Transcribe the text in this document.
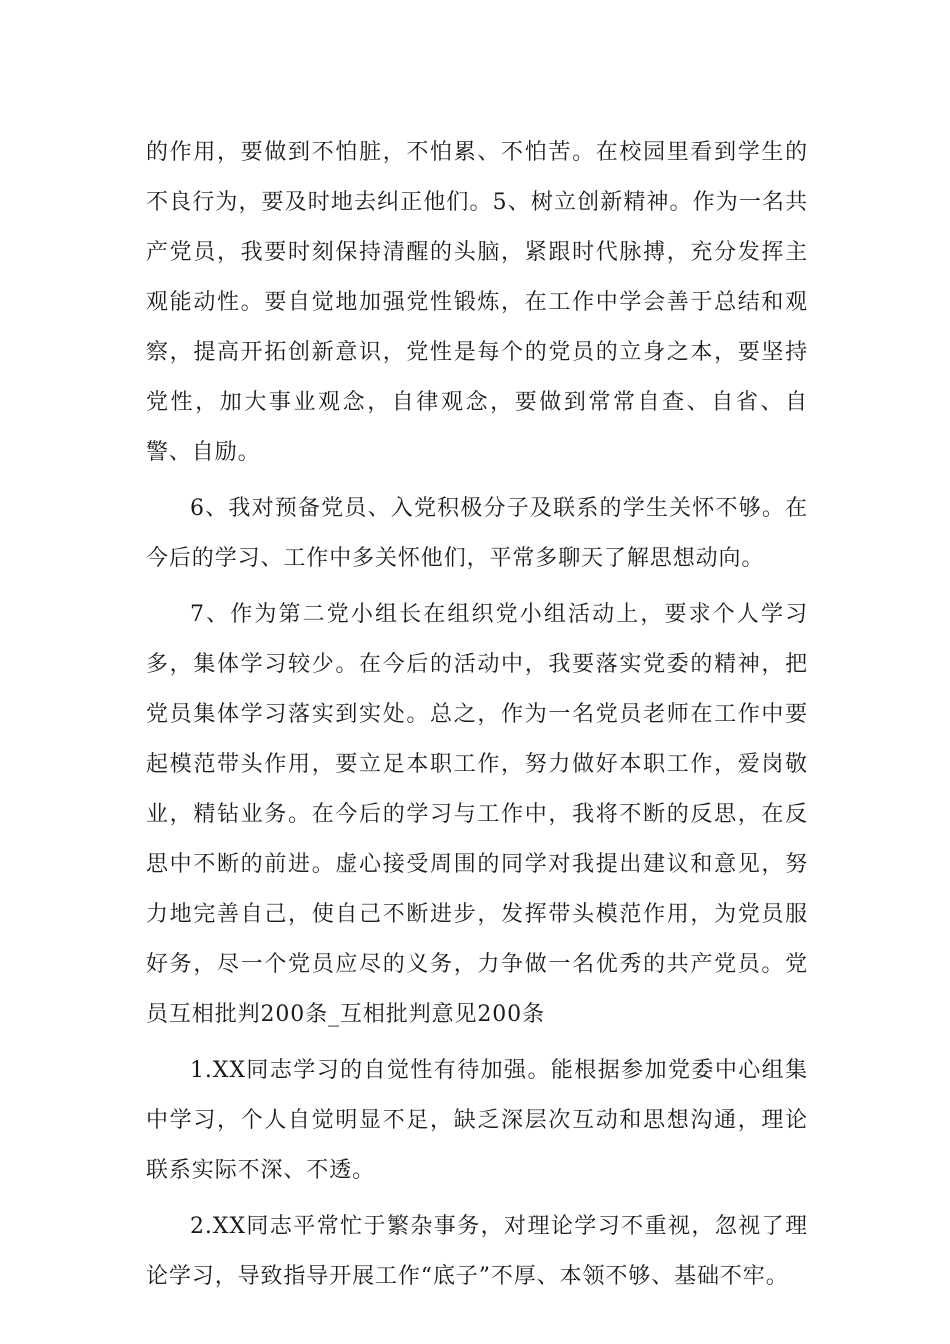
的作用，要做到不怕脏，不怕累、不怕苦。在校园里看到学生的不良行为，要及时地去纠正他们。5、树立创新精神。作为一名共产党员，我要时刻保持清醒的头脑，紧跟时代脉搏，充分发挥主观能动性。要自觉地加强党性锻炼，在工作中学会善于总结和观察，提高开拓创新意识，党性是每个的党员的立身之本，要坚持党性，加大事业观念，自律观念，要做到常常自查、自省、自警、自励。

6、我对预备党员、入党积极分子及联系的学生关怀不够。在今后的学习、工作中多关怀他们，平常多聊天了解思想动向。

7、作为第二党小组长在组织党小组活动上，要求个人学习多，集体学习较少。在今后的活动中，我要落实党委的精神，把党员集体学习落实到实处。总之，作为一名党员老师在工作中要起模范带头作用，要立足本职工作，努力做好本职工作，爱岗敬业，精钻业务。在今后的学习与工作中，我将不断的反思，在反思中不断的前进。虚心接受周围的同学对我提出建议和意见，努力地完善自己，使自己不断进步，发挥带头模范作用，为党员服好务，尽一个党员应尽的义务，力争做一名优秀的共产党员。党员互相批判200条_互相批判意见200条

1.XX同志学习的自觉性有待加强。能根据参加党委中心组集中学习，个人自觉明显不足，缺乏深层次互动和思想沟通，理论联系实际不深、不透。

2.XX同志平常忙于繁杂事务，对理论学习不重视，忽视了理论学习，导致指导开展工作“底子”不厚、本领不够、基础不牢。
